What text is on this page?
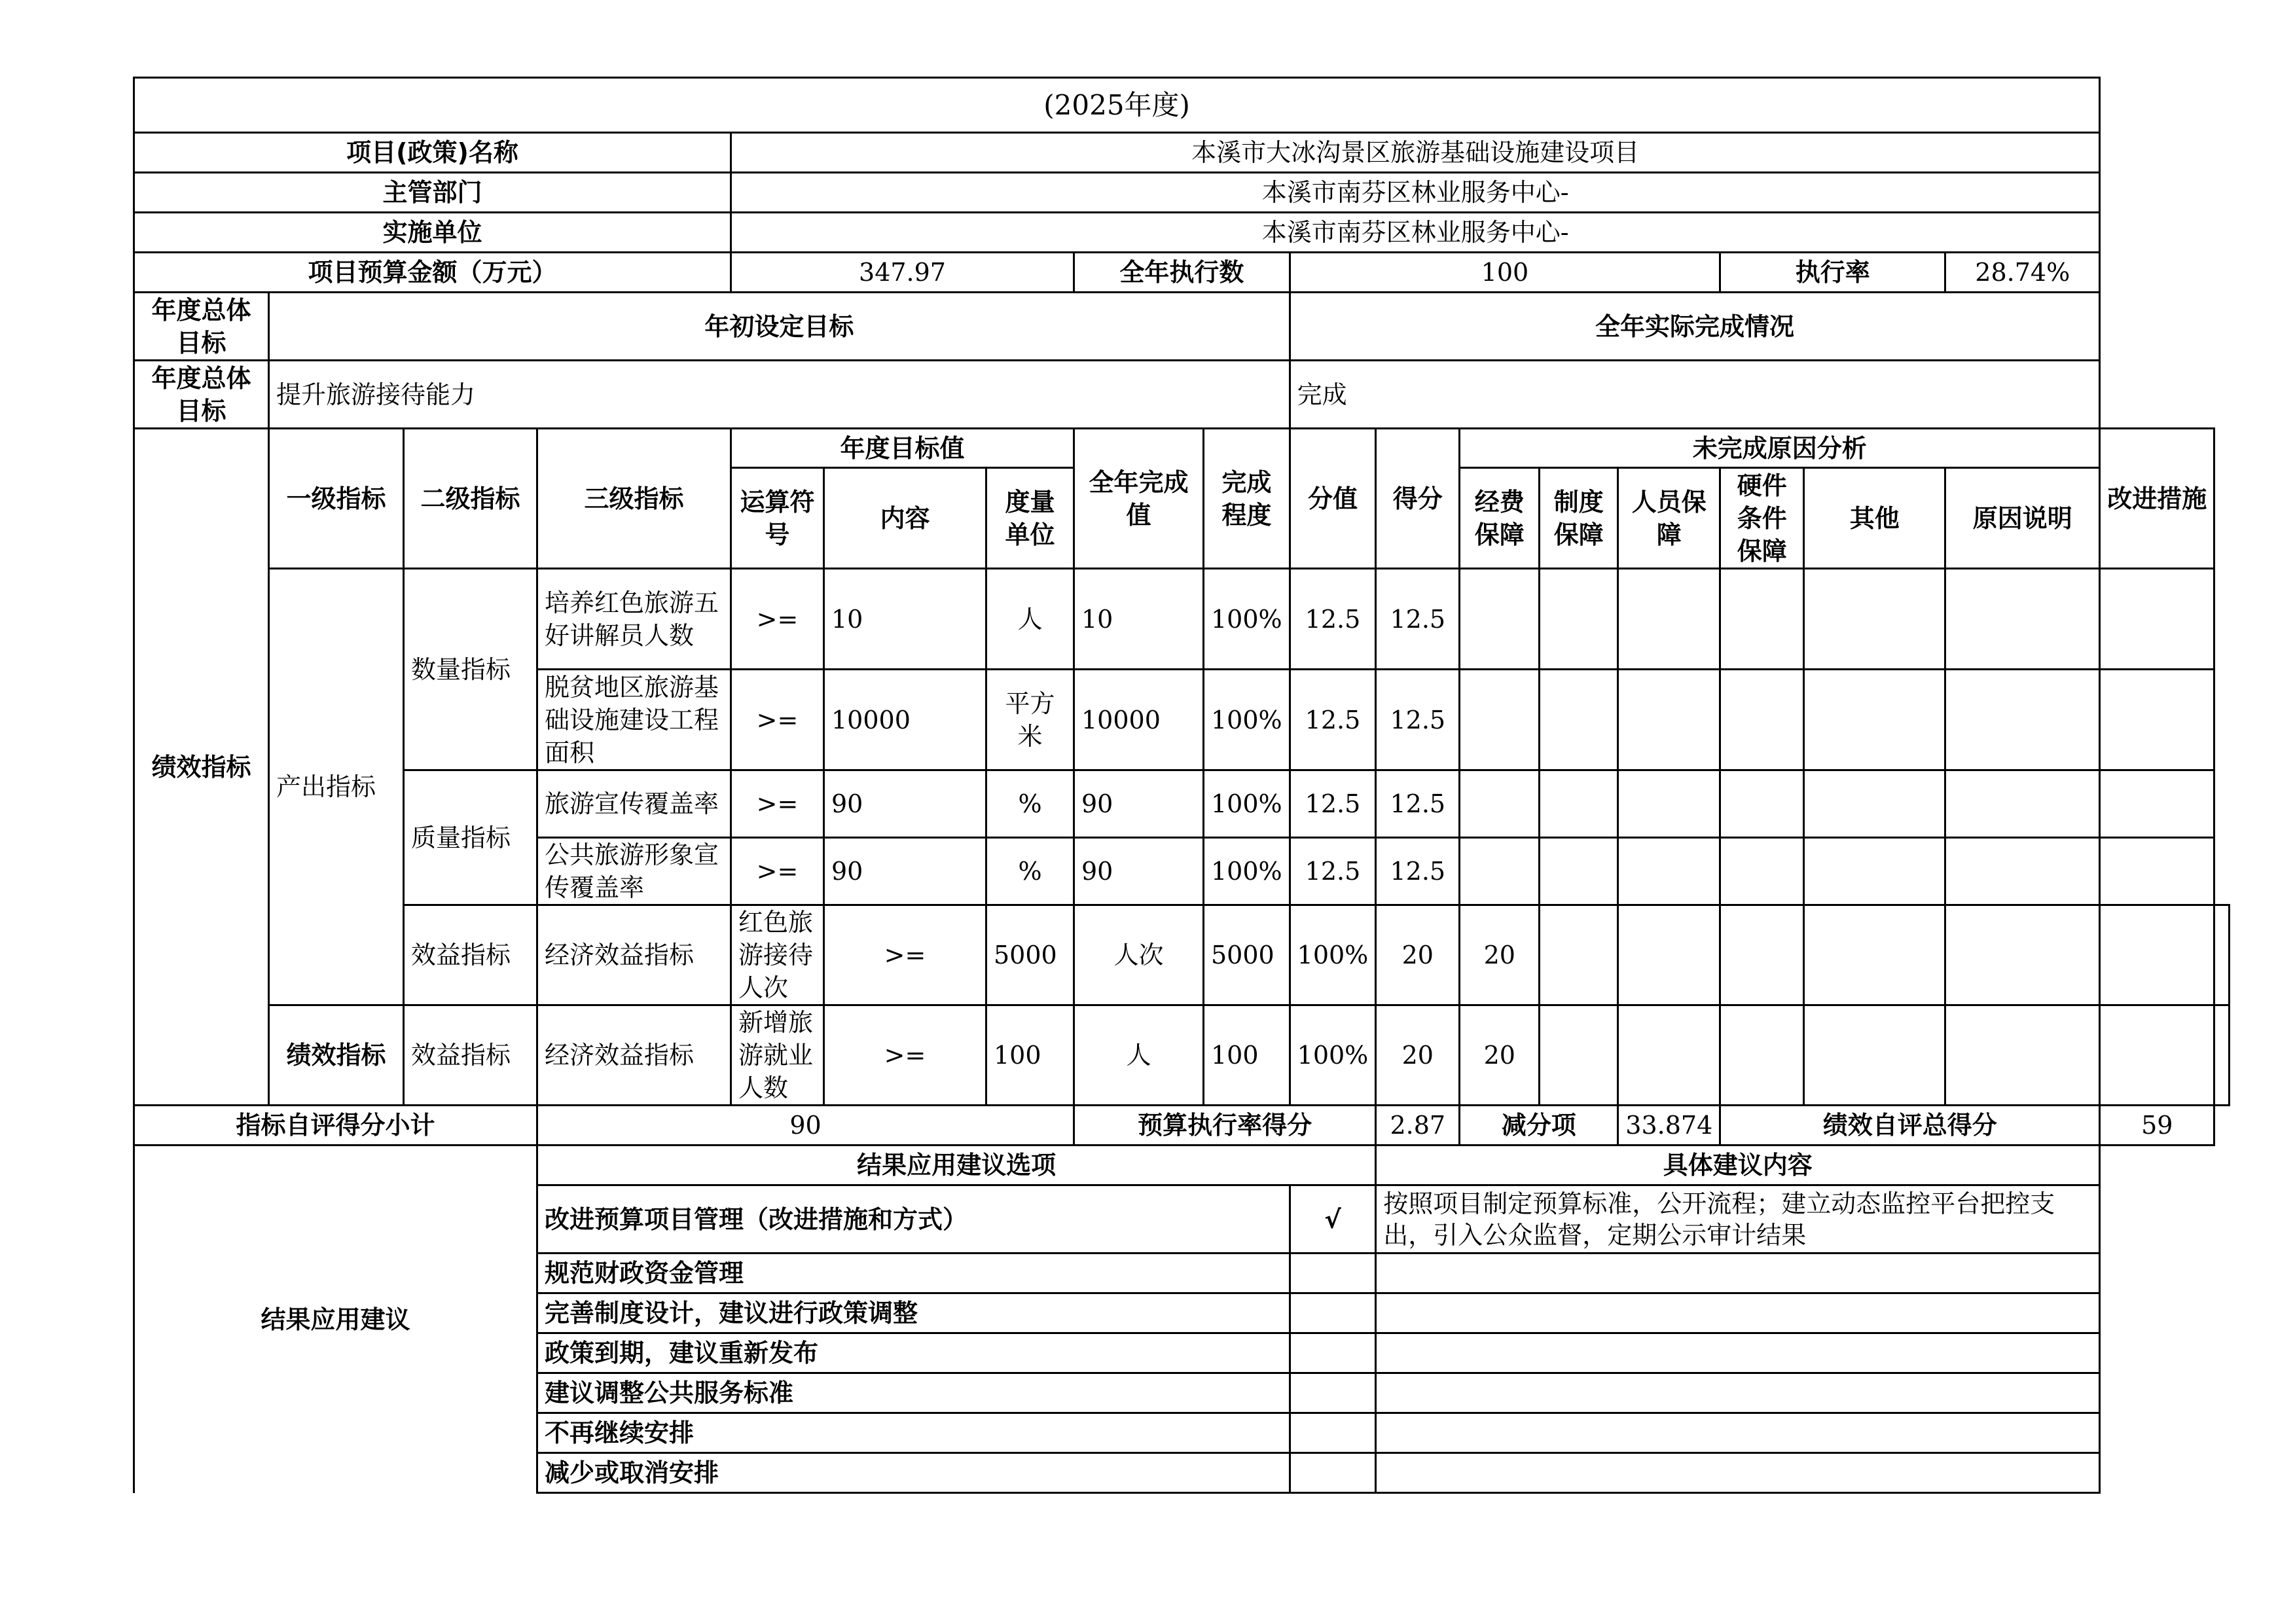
(2025年度)																		
项目(政策)名称				本溪市大冰沟景区旅游基础设施建设项目														
主管部门				本溪市南芬区林业服务中心-														
实施单位				本溪市南芬区林业服务中心-														
项目预算金额（万元）				347.97			全年执行数		100					执行率		28.74%		
年度总体目标	年初设定目标								全年实际完成情况									
年度总体目标	提升旅游接待能力								完成									
绩效指标	一级指标	二级指标	三级指标	年度目标值			全年完成值	完成程度	分值	得分	未完成原因分析						改进措施	
				运算符号	内容	度量单位					经费保障	制度保障	人员保障	硬件条件保障	其他	原因说明		
	产出指标	数量指标	培养红色旅游五好讲解员人数	>=	10	人	10	100%	12.5	12.5								
			脱贫地区旅游基础设施建设工程面积	>=	10000	平方米	10000	100%	12.5	12.5								
		质量指标	旅游宣传覆盖率	>=	90	%	90	100%	12.5	12.5								
			公共旅游形象宣传覆盖率	>=	90	%	90	100%	12.5	12.5								
		效益指标	经济效益指标	红色旅游接待人次	>=	5000	人次	5000	100%	20	20							
	绩效指标	效益指标	经济效益指标	新增旅游就业人数	>=	100	人	100	100%	20	20							
指标自评得分小计			90				预算执行率得分			2.87	减分项		33.874	绩效自评总得分			59	
结果应用建议			结果应用建议选项							具体建议内容								
			改进预算项目管理（改进措施和方式）						√	按照项目制定预算标准，公开流程；建立动态监控平台把控支出，引入公众监督，定期公示审计结果								
			规范财政资金管理															
			完善制度设计，建议进行政策调整															
			政策到期，建议重新发布															
			建议调整公共服务标准															
			不再继续安排															
			减少或取消安排															
